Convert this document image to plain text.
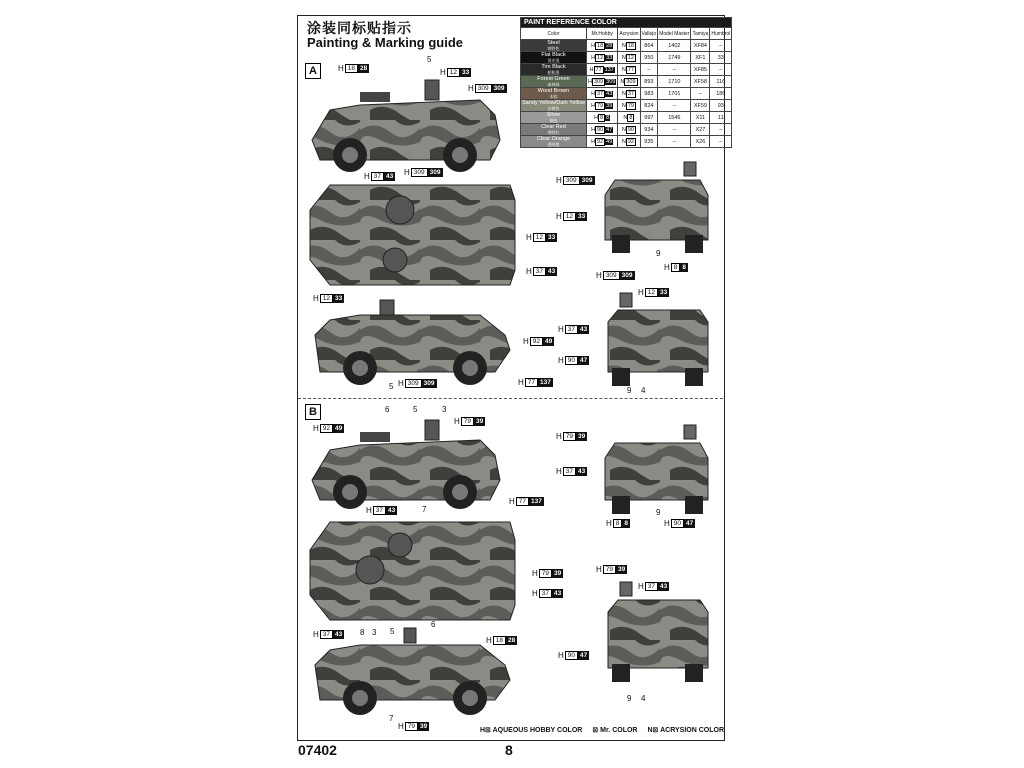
涂装同标贴指示
Painting & Marking guide
A
B
PAINT REFERENCE COLOR						
Color	Mr.Hobby	Acrysion	Vallejo	Model Master	Tamiya	Humbrol
Steel
钢铁色	H 18 28	N 18	864	1402	XF84	–
Flat Black
消光黑	H 12 33	N 12	950	1749	XF1	33
Tire Black
轮胎黑	H 77 137	N 77	–	–	XF85	–
Forest Green
森林绿	H 309 309	N 309	893	1710	XF58	116
Wood Brown
木棕	H 37 43	N 37	983	1701	–	186
Sandy Yellow/Dark Yellow
沙黄色	H 79 39	N 79	824	–	XF59	93
Silver
银色	H 8 8	N 8	997	1546	X11	11
Clear Red
透明红	H 90 47	N 90	934	–	X27	–
Clear Orange
透明橙	H 92 49	N 92	935	–	X26	–
H 18 28	H 12 33
H 309 309
H 37 43 H 309 309
H 12 33
H 37 43
H 309 309
H 12 33
H 8 8
H 12 33
H 92 49
H 309 309	H 77 137
H 309 309
H 12 33
H 37 43
H 90 47
H 92 49
H 79 39
H 77 137
H 37 43
H 79 39
H 37 43
H 8 8	H 90 47
H 79 39
H 37 43
H 79 39
H 37 43
H 90 47
H 37 43
H 18 28
H 79 39
5
9
5	9 4
6	5	3
7	9
8 3 5
6
7
9 4
H⊠ AQUEOUS HOBBY COLOR ⊠ Mr. COLOR N⊠ ACRYSION COLOR
07402	8
